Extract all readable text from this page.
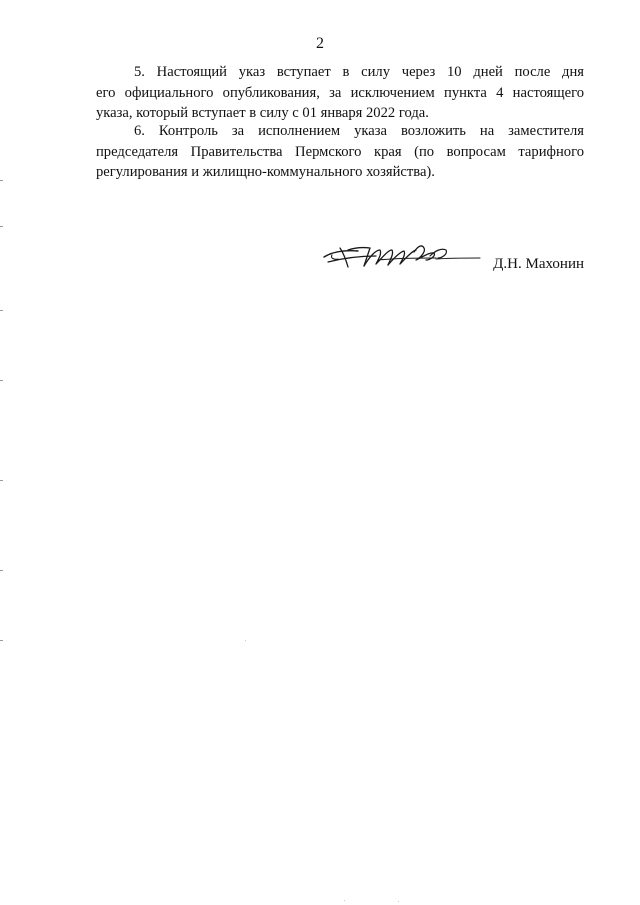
2
5. Настоящий указ вступает в силу через 10 дней после дня
его официального опубликования, за исключением пункта 4 настоящего
указа, который вступает в силу с 01 января 2022 года.
6. Контроль за исполнением указа возложить на заместителя
председателя Правительства Пермского края (по вопросам тарифного
регулирования и жилищно-коммунального хозяйства).
Д.Н. Махонин
